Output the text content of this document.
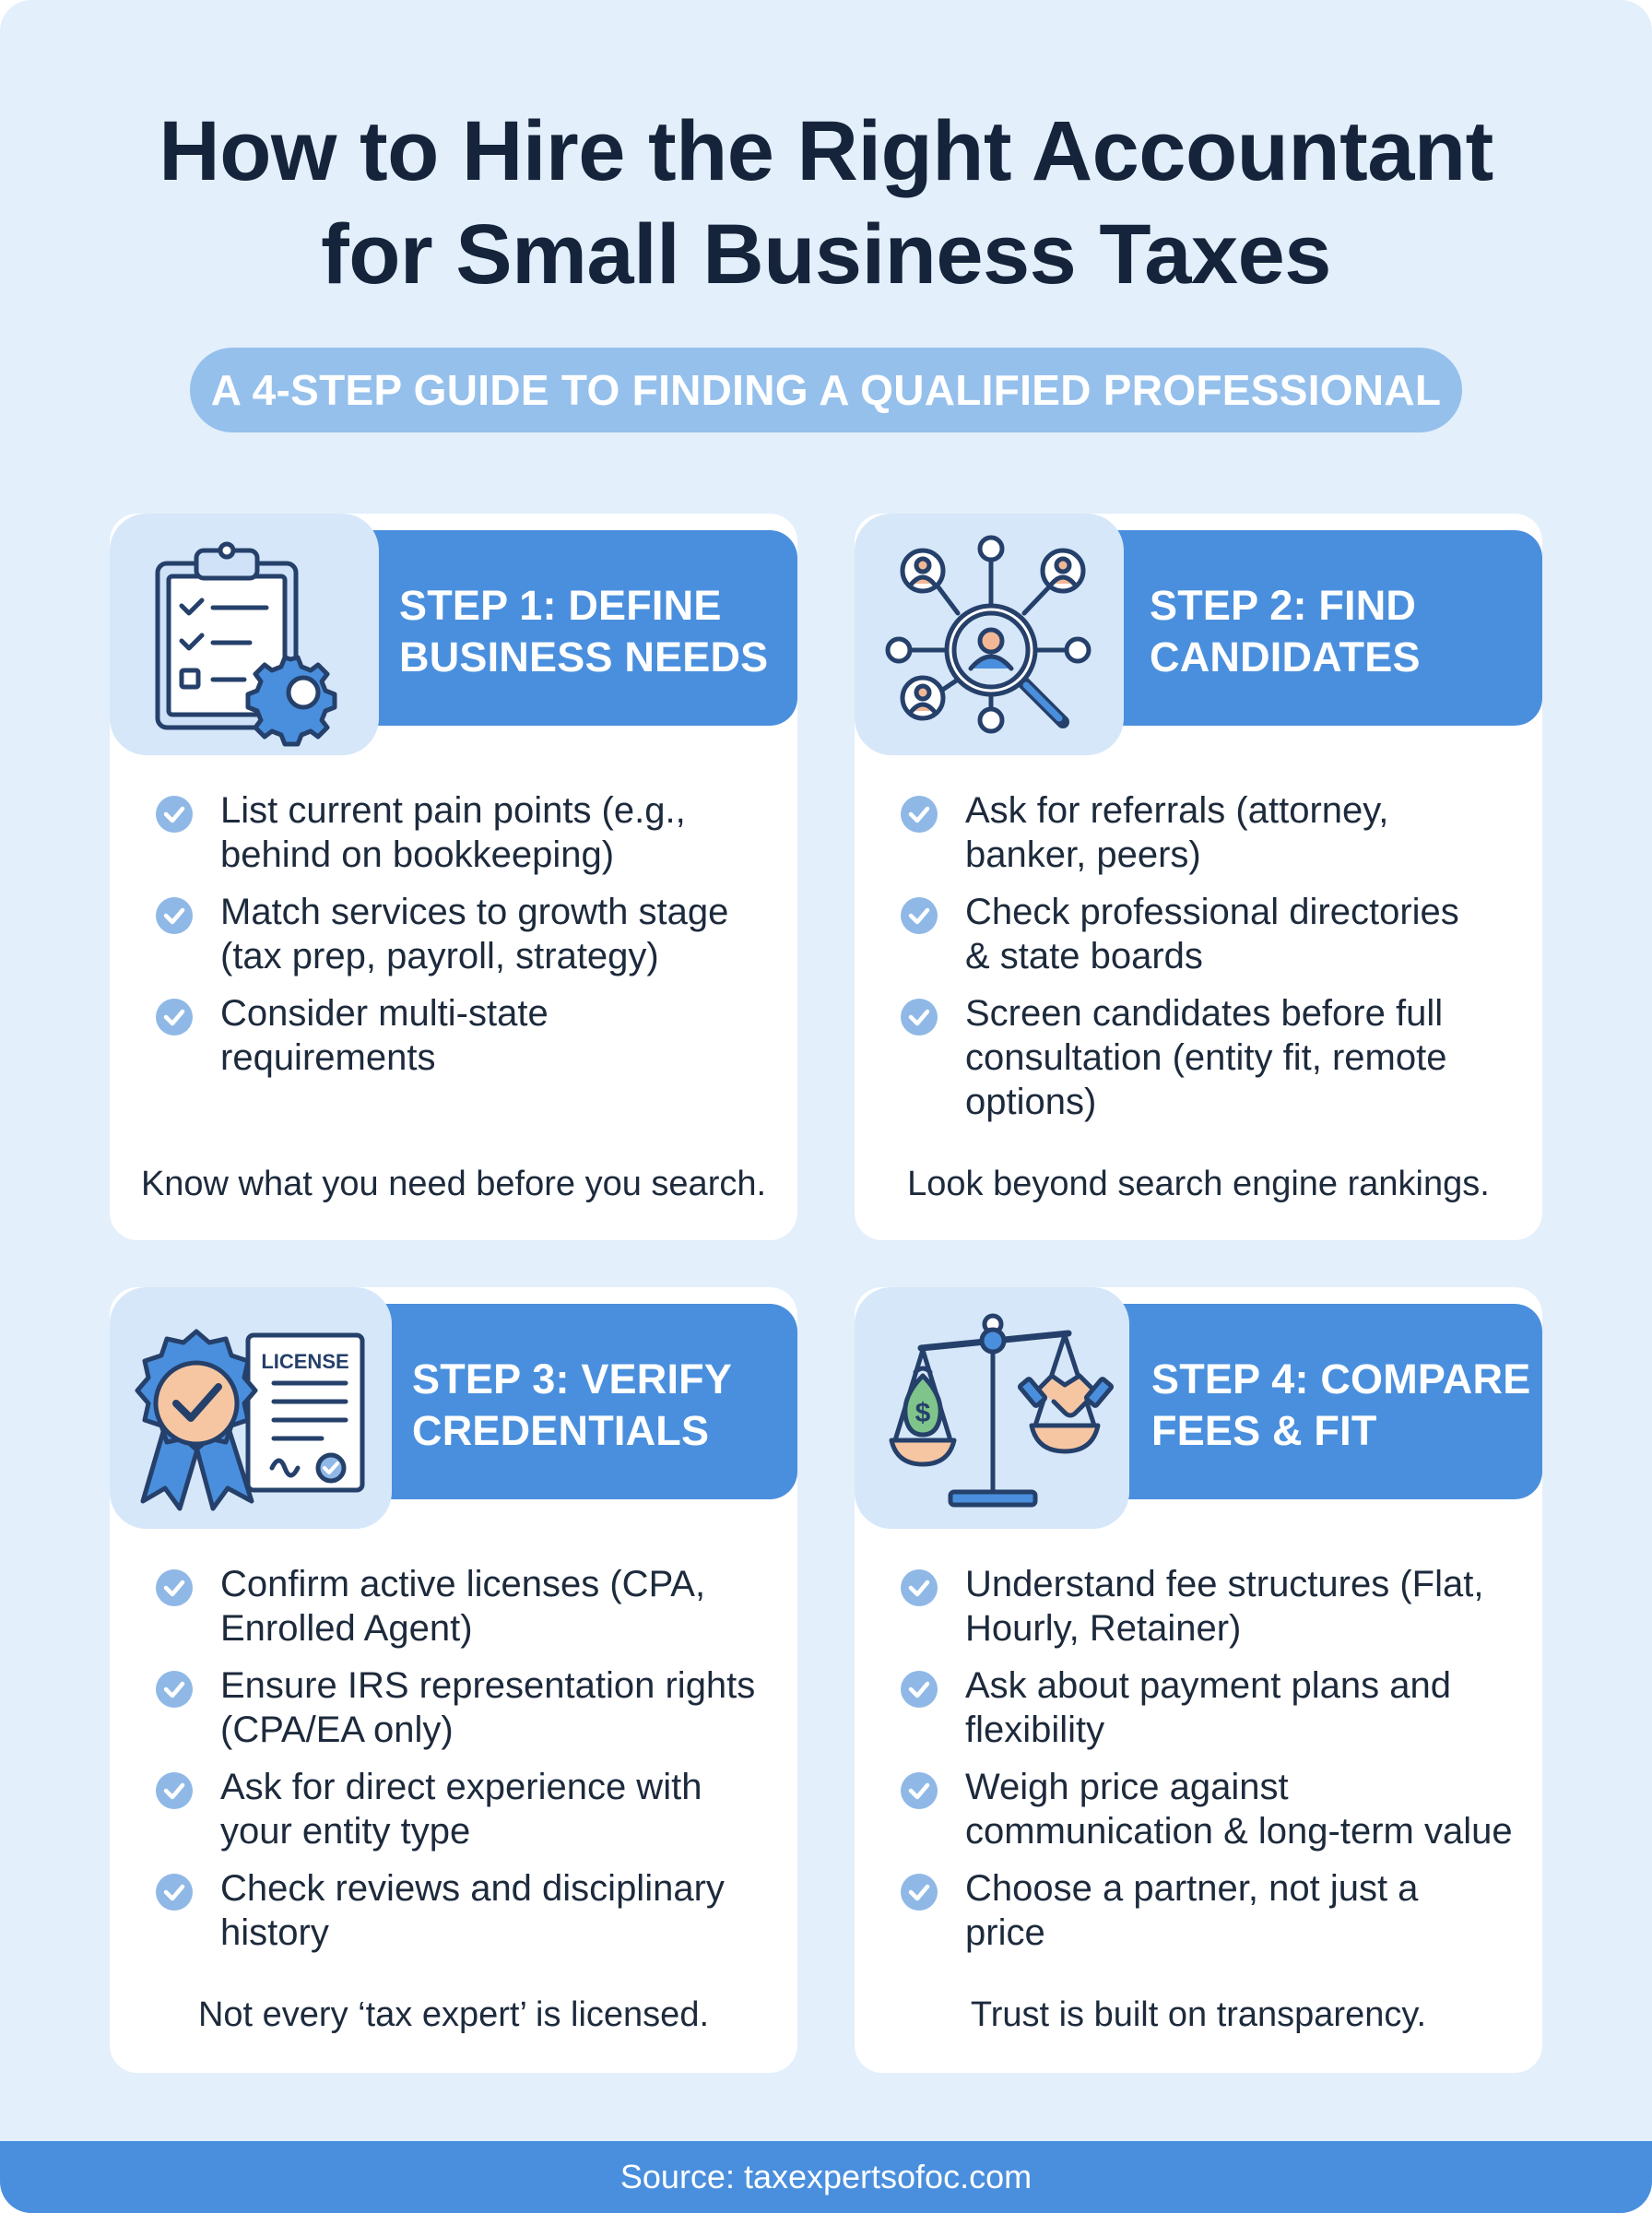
How to Hire the Right Accountant
for Small Business Taxes
A 4-STEP GUIDE TO FINDING A QUALIFIED PROFESSIONAL
STEP 1: DEFINE
BUSINESS NEEDS
List current pain points (e.g.,
behind on bookkeeping)
Match services to growth stage
(tax prep, payroll, strategy)
Consider multi-state
requirements
Know what you need before you search.
STEP 2: FIND
CANDIDATES
Ask for referrals (attorney,
banker, peers)
Check professional directories
& state boards
Screen candidates before full
consultation (entity fit, remote
options)
Look beyond search engine rankings.
LICENSE STEP 3: VERIFY
CREDENTIALS
Confirm active licenses (CPA,
Enrolled Agent)
Ensure IRS representation rights
(CPA/EA only)
Ask for direct experience with
your entity type
Check reviews and disciplinary
history
Not every ‘tax expert’ is licensed.
$
STEP 4: COMPARE
FEES & FIT
Understand fee structures (Flat,
Hourly, Retainer)
Ask about payment plans and
flexibility
Weigh price against
communication & long-term value
Choose a partner, not just a
price
Trust is built on transparency.
Source: taxexpertsofoc.com
